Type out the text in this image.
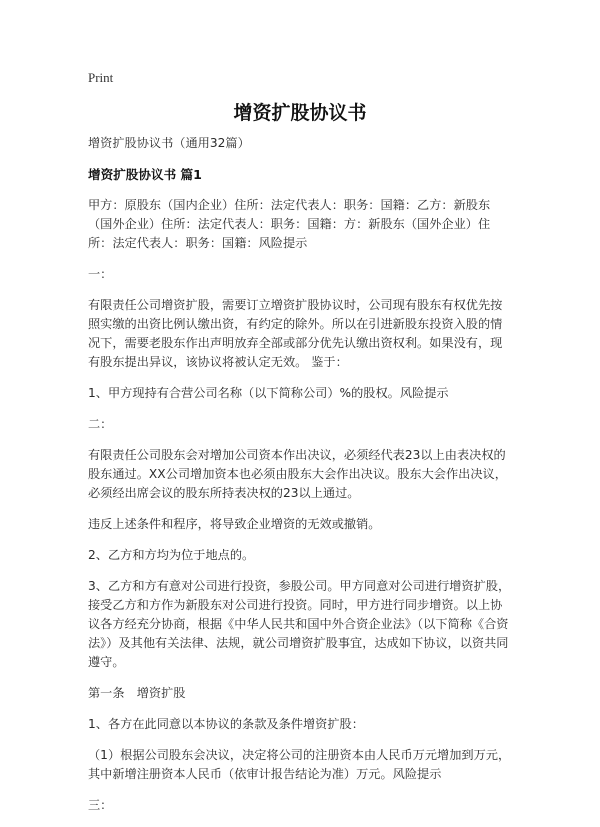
Print
增资扩股协议书

增资扩股协议书（通用32篇）

增资扩股协议书 篇1

甲方：原股东（国内企业）住所：法定代表人：职务：国籍：乙方：新股东（国外企业）住所：法定代表人：职务：国籍：方：新股东（国外企业）住所：法定代表人：职务：国籍：风险提示

一：

有限责任公司增资扩股，需要订立增资扩股协议时，公司现有股东有权优先按照实缴的出资比例认缴出资，有约定的除外。所以在引进新股东投资入股的情况下，需要老股东作出声明放弃全部或部分优先认缴出资权利。如果没有，现有股东提出异议，该协议将被认定无效。 鉴于：

1、甲方现持有合营公司名称（以下简称公司）%的股权。风险提示

二：

有限责任公司股东会对增加公司资本作出决议，必须经代表23以上由表决权的股东通过。XX公司增加资本也必须由股东大会作出决议。股东大会作出决议，必须经出席会议的股东所持表决权的23以上通过。

违反上述条件和程序，将导致企业增资的无效或撤销。

2、乙方和方均为位于地点的。

3、乙方和方有意对公司进行投资，参股公司。甲方同意对公司进行增资扩股，接受乙方和方作为新股东对公司进行投资。同时，甲方进行同步增资。以上协议各方经充分协商，根据《中华人民共和国中外合资企业法》（以下简称《合资法》）及其他有关法律、法规，就公司增资扩股事宜，达成如下协议，以资共同遵守。

第一条　增资扩股

1、各方在此同意以本协议的条款及条件增资扩股：

（1）根据公司股东会决议，决定将公司的注册资本由人民币万元增加到万元，其中新增注册资本人民币（依审计报告结论为准）万元。风险提示

三：
